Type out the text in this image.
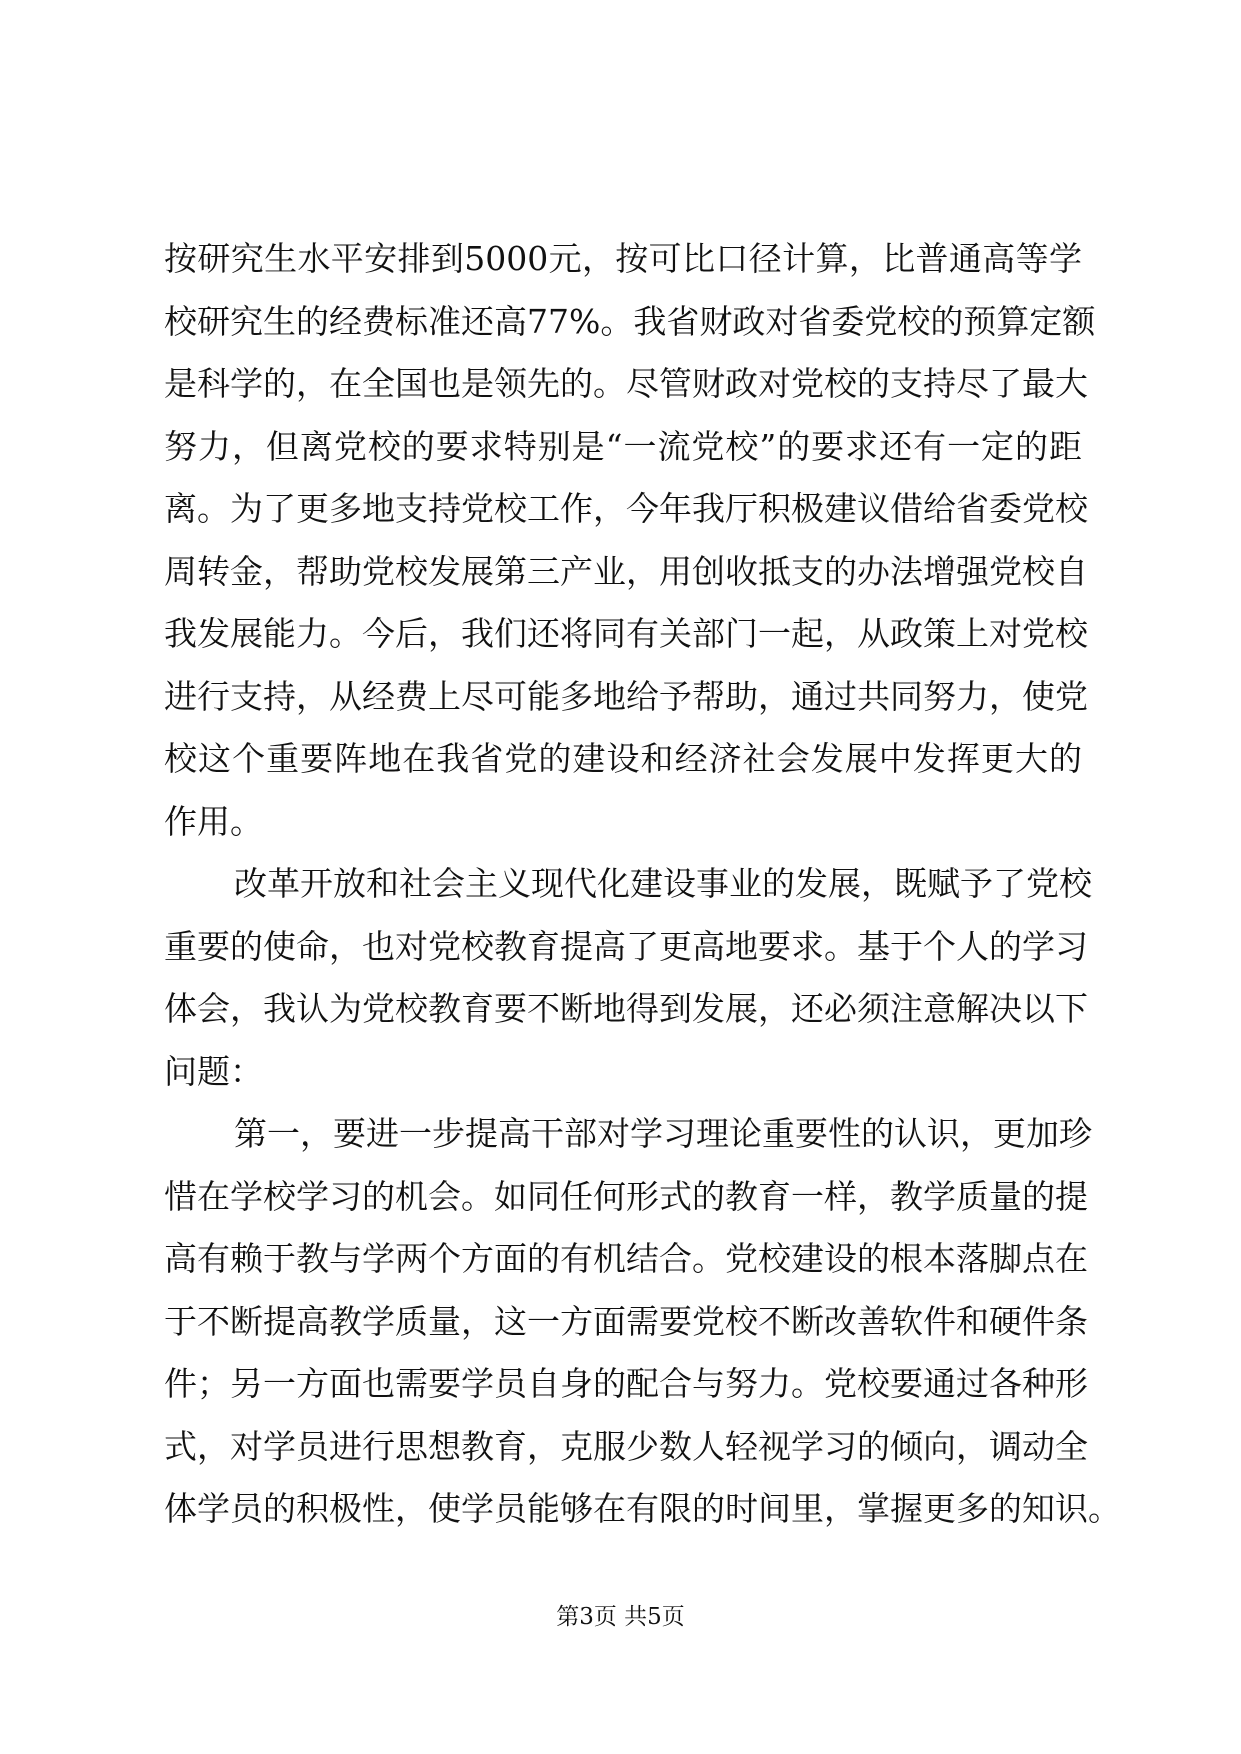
按研究生水平安排到5000元，按可比口径计算，比普通高等学
校研究生的经费标准还高77%。我省财政对省委党校的预算定额
是科学的，在全国也是领先的。尽管财政对党校的支持尽了最大
努力，但离党校的要求特别是“一流党校”的要求还有一定的距
离。为了更多地支持党校工作，今年我厅积极建议借给省委党校
周转金，帮助党校发展第三产业，用创收抵支的办法增强党校自
我发展能力。今后，我们还将同有关部门一起，从政策上对党校
进行支持，从经费上尽可能多地给予帮助，通过共同努力，使党
校这个重要阵地在我省党的建设和经济社会发展中发挥更大的
作用。
改革开放和社会主义现代化建设事业的发展，既赋予了党校
重要的使命，也对党校教育提高了更高地要求。基于个人的学习
体会，我认为党校教育要不断地得到发展，还必须注意解决以下
问题：
第一，要进一步提高干部对学习理论重要性的认识，更加珍
惜在学校学习的机会。如同任何形式的教育一样，教学质量的提
高有赖于教与学两个方面的有机结合。党校建设的根本落脚点在
于不断提高教学质量，这一方面需要党校不断改善软件和硬件条
件；另一方面也需要学员自身的配合与努力。党校要通过各种形
式，对学员进行思想教育，克服少数人轻视学习的倾向，调动全
体学员的积极性，使学员能够在有限的时间里，掌握更多的知识。
第3页 共5页
